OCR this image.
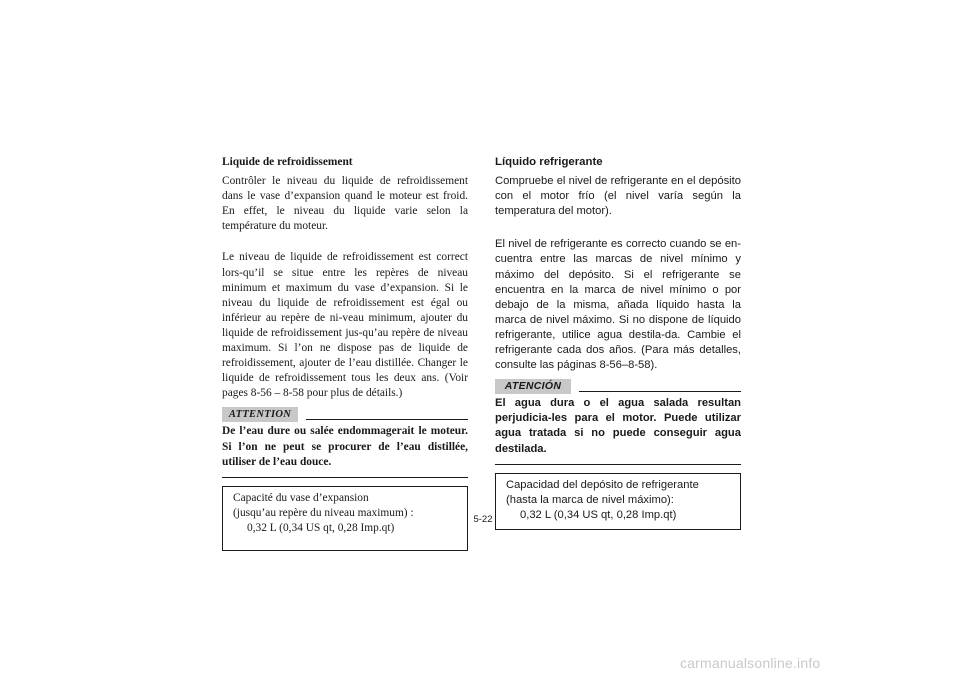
Liquide de refroidissement

Contrôler le niveau du liquide de refroidissement dans le vase d’expansion quand le moteur est froid. En effet, le niveau du liquide varie selon la température du moteur.

Le niveau de liquide de refroidissement est correct lors-qu’il se situe entre les repères de niveau minimum et maximum du vase d’expansion. Si le niveau du liquide de refroidissement est égal ou inférieur au repère de ni-veau minimum, ajouter du liquide de refroidissement jus-qu’au repère de niveau maximum. Si l’on ne dispose pas de liquide de refroidissement, ajouter de l’eau distillée. Changer le liquide de refroidissement tous les deux ans. (Voir pages 8-56 – 8-58 pour plus de détails.)

ATTENTION
De l’eau dure ou salée endommagerait le moteur. Si l’on ne peut se procurer de l’eau distillée, utiliser de l’eau douce.
Capacité du vase d’expansion
(jusqu’au repère du niveau maximum) :
0,32 L (0,34 US qt, 0,28 Imp.qt)
Líquido refrigerante

Compruebe el nivel de refrigerante en el depósito con el motor frío (el nivel varía según la temperatura del motor).

El nivel de refrigerante es correcto cuando se en-cuentra entre las marcas de nivel mínimo y máximo del depósito. Si el refrigerante se encuentra en la marca de nivel mínimo o por debajo de la misma, añada líquido hasta la marca de nivel máximo. Si no dispone de líquido refrigerante, utilice agua destila-da. Cambie el refrigerante cada dos años. (Para más detalles, consulte las páginas 8-56–8-58).

ATENCIÓN
El agua dura o el agua salada resultan perjudicia-les para el motor. Puede utilizar agua tratada si no puede conseguir agua destilada.
Capacidad del depósito de refrigerante
(hasta la marca de nivel máximo):
0,32 L (0,34 US qt, 0,28 Imp.qt)
5-22
carmanualsonline.info
